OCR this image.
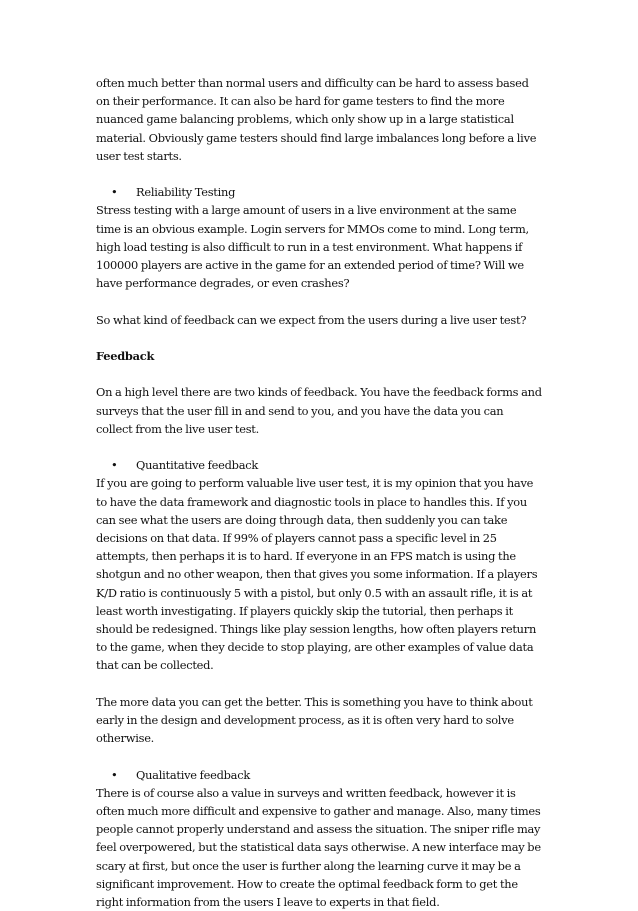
often much better than normal users and difficulty can be hard to assess based
on their performance. It can also be hard for game testers to find the more
nuanced game balancing problems, which only show up in a large statistical
material. Obviously game testers should find large imbalances long before a live
user test starts.

• Reliability Testing

Stress testing with a large amount of users in a live environment at the same
time is an obvious example. Login servers for MMOs come to mind. Long term,
high load testing is also difficult to run in a test environment. What happens if
100000 players are active in the game for an extended period of time? Will we
have performance degrades, or even crashes?

So what kind of feedback can we expect from the users during a live user test?

Feedback

On a high level there are two kinds of feedback. You have the feedback forms and
surveys that the user fill in and send to you, and you have the data you can
collect from the live user test.

• Quantitative feedback

If you are going to perform valuable live user test, it is my opinion that you have
to have the data framework and diagnostic tools in place to handles this. If you
can see what the users are doing through data, then suddenly you can take
decisions on that data. If 99% of players cannot pass a specific level in 25
attempts, then perhaps it is to hard. If everyone in an FPS match is using the
shotgun and no other weapon, then that gives you some information. If a players
K/D ratio is continuously 5 with a pistol, but only 0.5 with an assault rifle, it is at
least worth investigating. If players quickly skip the tutorial, then perhaps it
should be redesigned. Things like play session lengths, how often players return
to the game, when they decide to stop playing, are other examples of value data
that can be collected.

The more data you can get the better. This is something you have to think about
early in the design and development process, as it is often very hard to solve
otherwise.

• Qualitative feedback

There is of course also a value in surveys and written feedback, however it is
often much more difficult and expensive to gather and manage. Also, many times
people cannot properly understand and assess the situation. The sniper rifle may
feel overpowered, but the statistical data says otherwise. A new interface may be
scary at first, but once the user is further along the learning curve it may be a
significant improvement. How to create the optimal feedback form to get the
right information from the users I leave to experts in that field.
